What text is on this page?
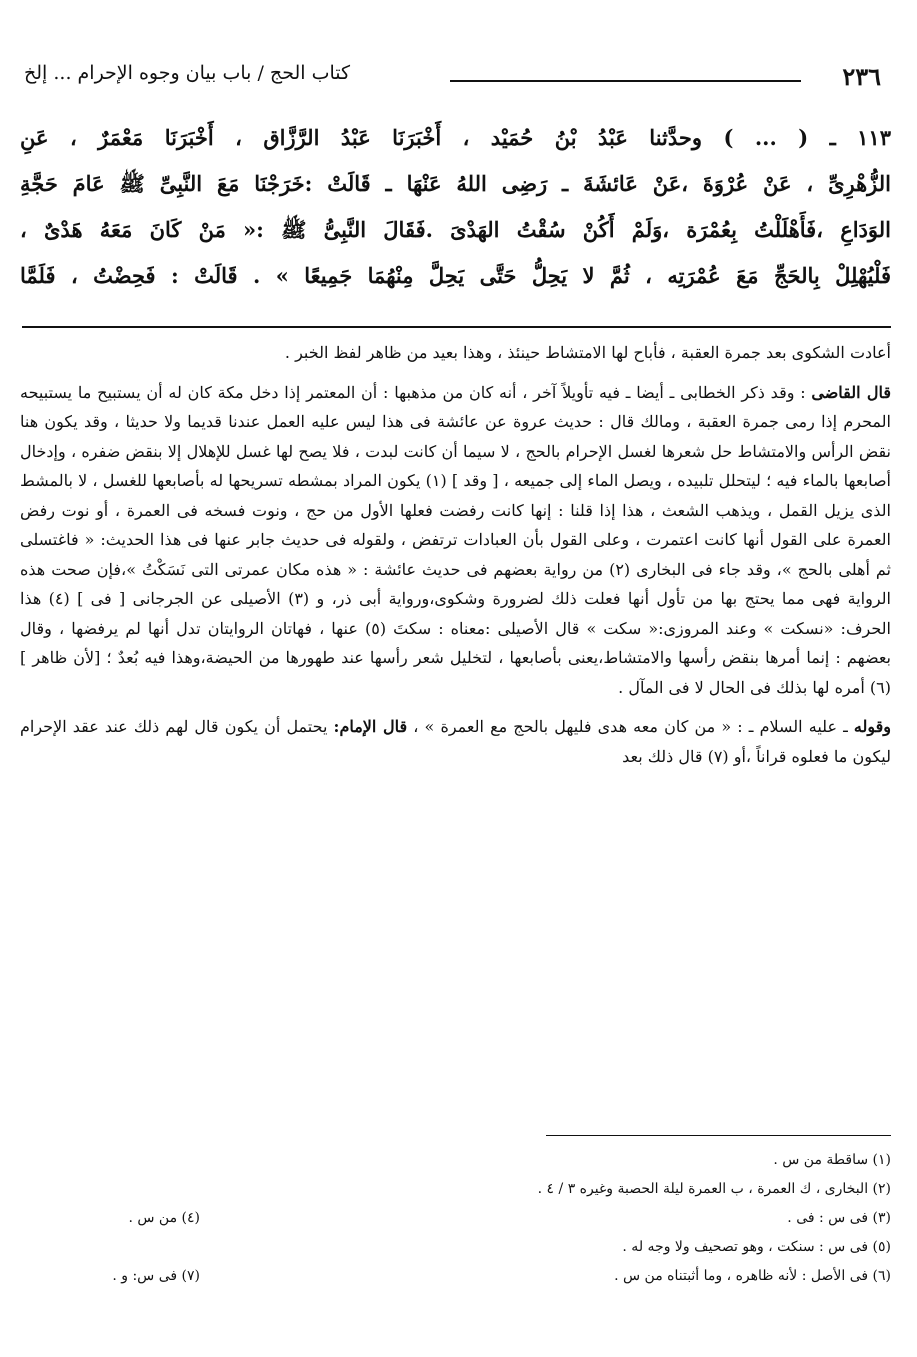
٢٣٦
كتاب الحج / باب بيان وجوه الإحرام ... إلخ

١١٣ ـ ( ... ) وحدَّثنا عَبْدُ بْنُ حُمَيْد ، أَخْبَرَنَا عَبْدُ الرَّزَّاق ، أَخْبَرَنَا مَعْمَرٌ ، عَنِ

الزُّهْرِىِّ ، عَنْ عُرْوَةَ ،عَنْ عَائشَةَ ـ رَضِى اللهُ عَنْهَا ـ قَالَتْ :خَرَجْنَا مَعَ النَّبِىِّ ﷺ عَامَ حَجَّةِ

الوَدَاعِ ،فَأَهْلَلْتُ بِعُمْرَة ،وَلَمْ أَكُنْ سُقْتُ الهَدْىَ .فَقَالَ النَّبِىُّ ﷺ :« مَنْ كَانَ مَعَهُ هَدْىٌ ،

فَلْيُهْلِلْ بِالحَجِّ مَعَ عُمْرَتِه ، ثُمَّ لا يَحِلُّ حَتَّى يَحِلَّ مِنْهُمَا جَمِيعًا » . قَالَتْ : فَحِضْتُ ، فَلَمَّا

أعادت الشكوى بعد جمرة العقبة ، فأباح لها الامتشاط حينئذ ، وهذا بعيد من ظاهر لفظ الخبر .

قال القاضى : وقد ذكر الخطابى ـ أيضا ـ فيه تأويلاً آخر ، أنه كان من مذهبها : أن المعتمر إذا دخل مكة كان له أن يستبيح ما يستبيحه المحرم إذا رمى جمرة العقبة ، ومالك قال : حديث عروة عن عائشة فى هذا ليس عليه العمل عندنا قديما ولا حديثا ، وقد يكون هنا نقض الرأس والامتشاط حل شعرها لغسل الإحرام بالحج ، لا سيما أن كانت لبدت ، فلا يصح لها غسل للإهلال إلا بنقض ضفره ، وإدخال أصابعها بالماء فيه ؛ ليتحلل تلبيده ، ويصل الماء إلى جميعه ، [ وقد ] (١) يكون المراد بمشطه تسريحها له بأصابعها للغسل ، لا بالمشط الذى يزيل القمل ، ويذهب الشعث ، هذا إذا قلنا : إنها كانت رفضت فعلها الأول من حج ، ونوت فسخه فى العمرة ، أو نوت رفض العمرة على القول أنها كانت اعتمرت ، وعلى القول بأن العبادات ترتفض ، ولقوله فى حديث جابر عنها فى هذا الحديث: « فاغتسلى ثم أهلى بالحج »، وقد جاء فى البخارى (٢) من رواية بعضهم فى حديث عائشة : « هذه مكان عمرتى التى نَسَكْتُ »،فإن صحت هذه الرواية فهى مما يحتج بها من تأول أنها فعلت ذلك لضرورة وشكوى،ورواية أبى ذر، و (٣) الأصيلى عن الجرجانى [ فى ] (٤) هذا الحرف: «نسكت » وعند المروزى:« سكت » قال الأصيلى :معناه : سكتَ (٥) عنها ، فهاتان الروايتان تدل أنها لم يرفضها ، وقال بعضهم : إنما أمرها بنقض رأسها والامتشاط،يعنى بأصابعها ، لتخليل شعر رأسها عند طهورها من الحيضة،وهذا فيه بُعدٌ ؛ [لأن ظاهر ] (٦) أمره لها بذلك فى الحال لا فى المآل .

وقوله ـ عليه السلام ـ : « من كان معه هدى فليهل بالحج مع العمرة » ، قال الإمام: يحتمل أن يكون قال لهم ذلك عند عقد الإحرام ليكون ما فعلوه قراناً ،أو (٧) قال ذلك بعد

(١) ساقطة من س .
(٢) البخارى ، ك العمرة ، ب العمرة ليلة الحصبة وغيره ٣ / ٤ .
(٣) فى س : فى .
(٤) من س .
(٥) فى س : سنكت ، وهو تصحيف ولا وجه له .
(٦) فى الأصل : لأنه ظاهره ، وما أثبتناه من س .
(٧) فى س: و .
